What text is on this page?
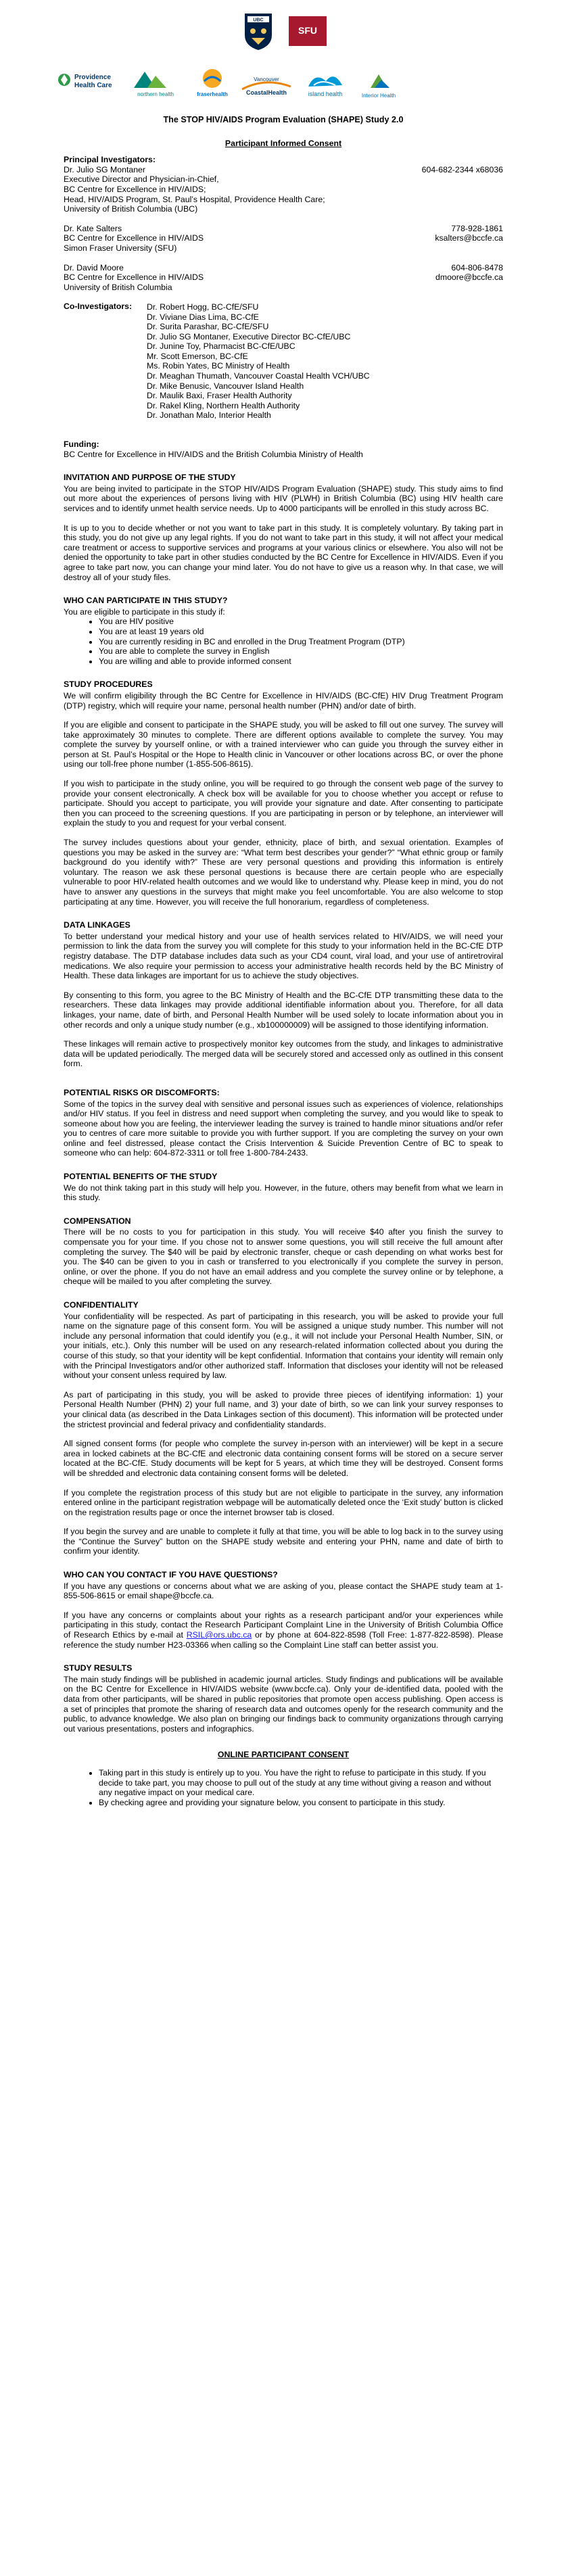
UBC
SFU
Providence
Health Care
northern health	fraserhealth
Vancouver
CoastalHealth	island health	Interior Health
The STOP HIV/AIDS Program Evaluation (SHAPE) Study 2.0
Participant Informed Consent
Principal Investigators:
Dr. Julio SG Montaner	604-682-2344 x68036
Executive Director and Physician-in-Chief,
BC Centre for Excellence in HIV/AIDS;
Head, HIV/AIDS Program, St. Paul’s Hospital, Providence Health Care;
University of British Columbia (UBC)
Dr. Kate Salters	778-928-1861
BC Centre for Excellence in HIV/AIDS	ksalters@bccfe.ca
Simon Fraser University (SFU)
Dr. David Moore	604-806-8478
BC Centre for Excellence in HIV/AIDS	dmoore@bccfe.ca
University of British Columbia
Co-Investigators: Dr. Robert Hogg, BC-CfE/SFU
Dr. Viviane Dias Lima, BC-CfE
Dr. Surita Parashar, BC-CfE/SFU
Dr. Julio SG Montaner, Executive Director BC-CfE/UBC
Dr. Junine Toy, Pharmacist BC-CfE/UBC
Mr. Scott Emerson, BC-CfE
Ms. Robin Yates, BC Ministry of Health
Dr. Meaghan Thumath, Vancouver Coastal Health VCH/UBC
Dr. Mike Benusic, Vancouver Island Health
Dr. Maulik Baxi, Fraser Health Authority
Dr. Rakel Kling, Northern Health Authority
Dr. Jonathan Malo, Interior Health
Funding:

BC Centre for Excellence in HIV/AIDS and the British Columbia Ministry of Health

INVITATION AND PURPOSE OF THE STUDY

You are being invited to participate in the STOP HIV/AIDS Program Evaluation (SHAPE) study. This study aims to find out more about the experiences of persons living with HIV (PLWH) in British Columbia (BC) using HIV health care services and to identify unmet health service needs. Up to 4000 participants will be enrolled in this study across BC.

It is up to you to decide whether or not you want to take part in this study. It is completely voluntary. By taking part in this study, you do not give up any legal rights. If you do not want to take part in this study, it will not affect your medical care treatment or access to supportive services and programs at your various clinics or elsewhere. You also will not be denied the opportunity to take part in other studies conducted by the BC Centre for Excellence in HIV/AIDS. Even if you agree to take part now, you can change your mind later. You do not have to give us a reason why. In that case, we will destroy all of your study files.

WHO CAN PARTICIPATE IN THIS STUDY?
You are eligible to participate in this study if:
• You are HIV positive
• You are at least 19 years old
• You are currently residing in BC and enrolled in the Drug Treatment Program (DTP)
• You are able to complete the survey in English
• You are willing and able to provide informed consent
STUDY PROCEDURES

We will confirm eligibility through the BC Centre for Excellence in HIV/AIDS (BC-CfE) HIV Drug Treatment Program (DTP) registry, which will require your name, personal health number (PHN) and/or date of birth.

If you are eligible and consent to participate in the SHAPE study, you will be asked to fill out one survey. The survey will take approximately 30 minutes to complete. There are different options available to complete the survey. You may complete the survey by yourself online, or with a trained interviewer who can guide you through the survey either in person at St. Paul’s Hospital or the Hope to Health clinic in Vancouver or other locations across BC, or over the phone using our toll-free phone number (1-855-506-8615).

If you wish to participate in the study online, you will be required to go through the consent web page of the survey to provide your consent electronically. A check box will be available for you to choose whether you accept or refuse to participate. Should you accept to participate, you will provide your signature and date. After consenting to participate then you can proceed to the screening questions. If you are participating in person or by telephone, an interviewer will explain the study to you and request for your verbal consent.

The survey includes questions about your gender, ethnicity, place of birth, and sexual orientation. Examples of questions you may be asked in the survey are: “What term best describes your gender?” “What ethnic group or family background do you identify with?” These are very personal questions and providing this information is entirely voluntary. The reason we ask these personal questions is because there are certain people who are especially vulnerable to poor HIV-related health outcomes and we would like to understand why. Please keep in mind, you do not have to answer any questions in the surveys that might make you feel uncomfortable. You are also welcome to stop participating at any time. However, you will receive the full honorarium, regardless of completeness.

DATA LINKAGES

To better understand your medical history and your use of health services related to HIV/AIDS, we will need your permission to link the data from the survey you will complete for this study to your information held in the BC-CfE DTP registry database. The DTP database includes data such as your CD4 count, viral load, and your use of antiretroviral medications. We also require your permission to access your administrative health records held by the BC Ministry of Health. These data linkages are important for us to achieve the study objectives.

By consenting to this form, you agree to the BC Ministry of Health and the BC-CfE DTP transmitting these data to the researchers. These data linkages may provide additional identifiable information about you. Therefore, for all data linkages, your name, date of birth, and Personal Health Number will be used solely to locate information about you in other records and only a unique study number (e.g., xb100000009) will be assigned to those identifying information.

These linkages will remain active to prospectively monitor key outcomes from the study, and linkages to administrative data will be updated periodically. The merged data will be securely stored and accessed only as outlined in this consent form.

POTENTIAL RISKS OR DISCOMFORTS:

Some of the topics in the survey deal with sensitive and personal issues such as experiences of violence, relationships and/or HIV status. If you feel in distress and need support when completing the survey, and you would like to speak to someone about how you are feeling, the interviewer leading the survey is trained to handle minor situations and/or refer you to centres of care more suitable to provide you with further support. If you are completing the survey on your own online and feel distressed, please contact the Crisis Intervention & Suicide Prevention Centre of BC to speak to someone who can help: 604-872-3311 or toll free 1-800-784-2433.

POTENTIAL BENEFITS OF THE STUDY

We do not think taking part in this study will help you. However, in the future, others may benefit from what we learn in this study.

COMPENSATION

There will be no costs to you for participation in this study. You will receive $40 after you finish the survey to compensate you for your time. If you chose not to answer some questions, you will still receive the full amount after completing the survey. The $40 will be paid by electronic transfer, cheque or cash depending on what works best for you. The $40 can be given to you in cash or transferred to you electronically if you complete the survey in person, online, or over the phone. If you do not have an email address and you complete the survey online or by telephone, a cheque will be mailed to you after completing the survey.

CONFIDENTIALITY

Your confidentiality will be respected. As part of participating in this research, you will be asked to provide your full name on the signature page of this consent form. You will be assigned a unique study number. This number will not include any personal information that could identify you (e.g., it will not include your Personal Health Number, SIN, or your initials, etc.). Only this number will be used on any research-related information collected about you during the course of this study, so that your identity will be kept confidential. Information that contains your identity will remain only with the Principal Investigators and/or other authorized staff. Information that discloses your identity will not be released without your consent unless required by law.

As part of participating in this study, you will be asked to provide three pieces of identifying information: 1) your Personal Health Number (PHN) 2) your full name, and 3) your date of birth, so we can link your survey responses to your clinical data (as described in the Data Linkages section of this document). This information will be protected under the strictest provincial and federal privacy and confidentiality standards.

All signed consent forms (for people who complete the survey in-person with an interviewer) will be kept in a secure area in locked cabinets at the BC-CfE and electronic data containing consent forms will be stored on a secure server located at the BC-CfE. Study documents will be kept for 5 years, at which time they will be destroyed. Consent forms will be shredded and electronic data containing consent forms will be deleted.

If you complete the registration process of this study but are not eligible to participate in the survey, any information entered online in the participant registration webpage will be automatically deleted once the ‘Exit study’ button is clicked on the registration results page or once the internet browser tab is closed.

If you begin the survey and are unable to complete it fully at that time, you will be able to log back in to the survey using the “Continue the Survey” button on the SHAPE study website and entering your PHN, name and date of birth to confirm your identity.

WHO CAN YOU CONTACT IF YOU HAVE QUESTIONS?

If you have any questions or concerns about what we are asking of you, please contact the SHAPE study team at 1-855-506-8615 or email shape@bccfe.ca.

If you have any concerns or complaints about your rights as a research participant and/or your experiences while participating in this study, contact the Research Participant Complaint Line in the University of British Columbia Office of Research Ethics by e-mail at RSIL@ors.ubc.ca or by phone at 604-822-8598 (Toll Free: 1-877-822-8598). Please reference the study number H23-03366 when calling so the Complaint Line staff can better assist you.

STUDY RESULTS

The main study findings will be published in academic journal articles. Study findings and publications will be available on the BC Centre for Excellence in HIV/AIDS website (www.bccfe.ca). Only your de-identified data, pooled with the data from other participants, will be shared in public repositories that promote open access publishing. Open access is a set of principles that promote the sharing of research data and outcomes openly for the research community and the public, to advance knowledge. We also plan on bringing our findings back to community organizations through carrying out various presentations, posters and infographics.

ONLINE PARTICIPANT CONSENT
• Taking part in this study is entirely up to you. You have the right to refuse to participate in this study. If you decide to take part, you may choose to pull out of the study at any time without giving a reason and without any negative impact on your medical care.
• By checking agree and providing your signature below, you consent to participate in this study.
